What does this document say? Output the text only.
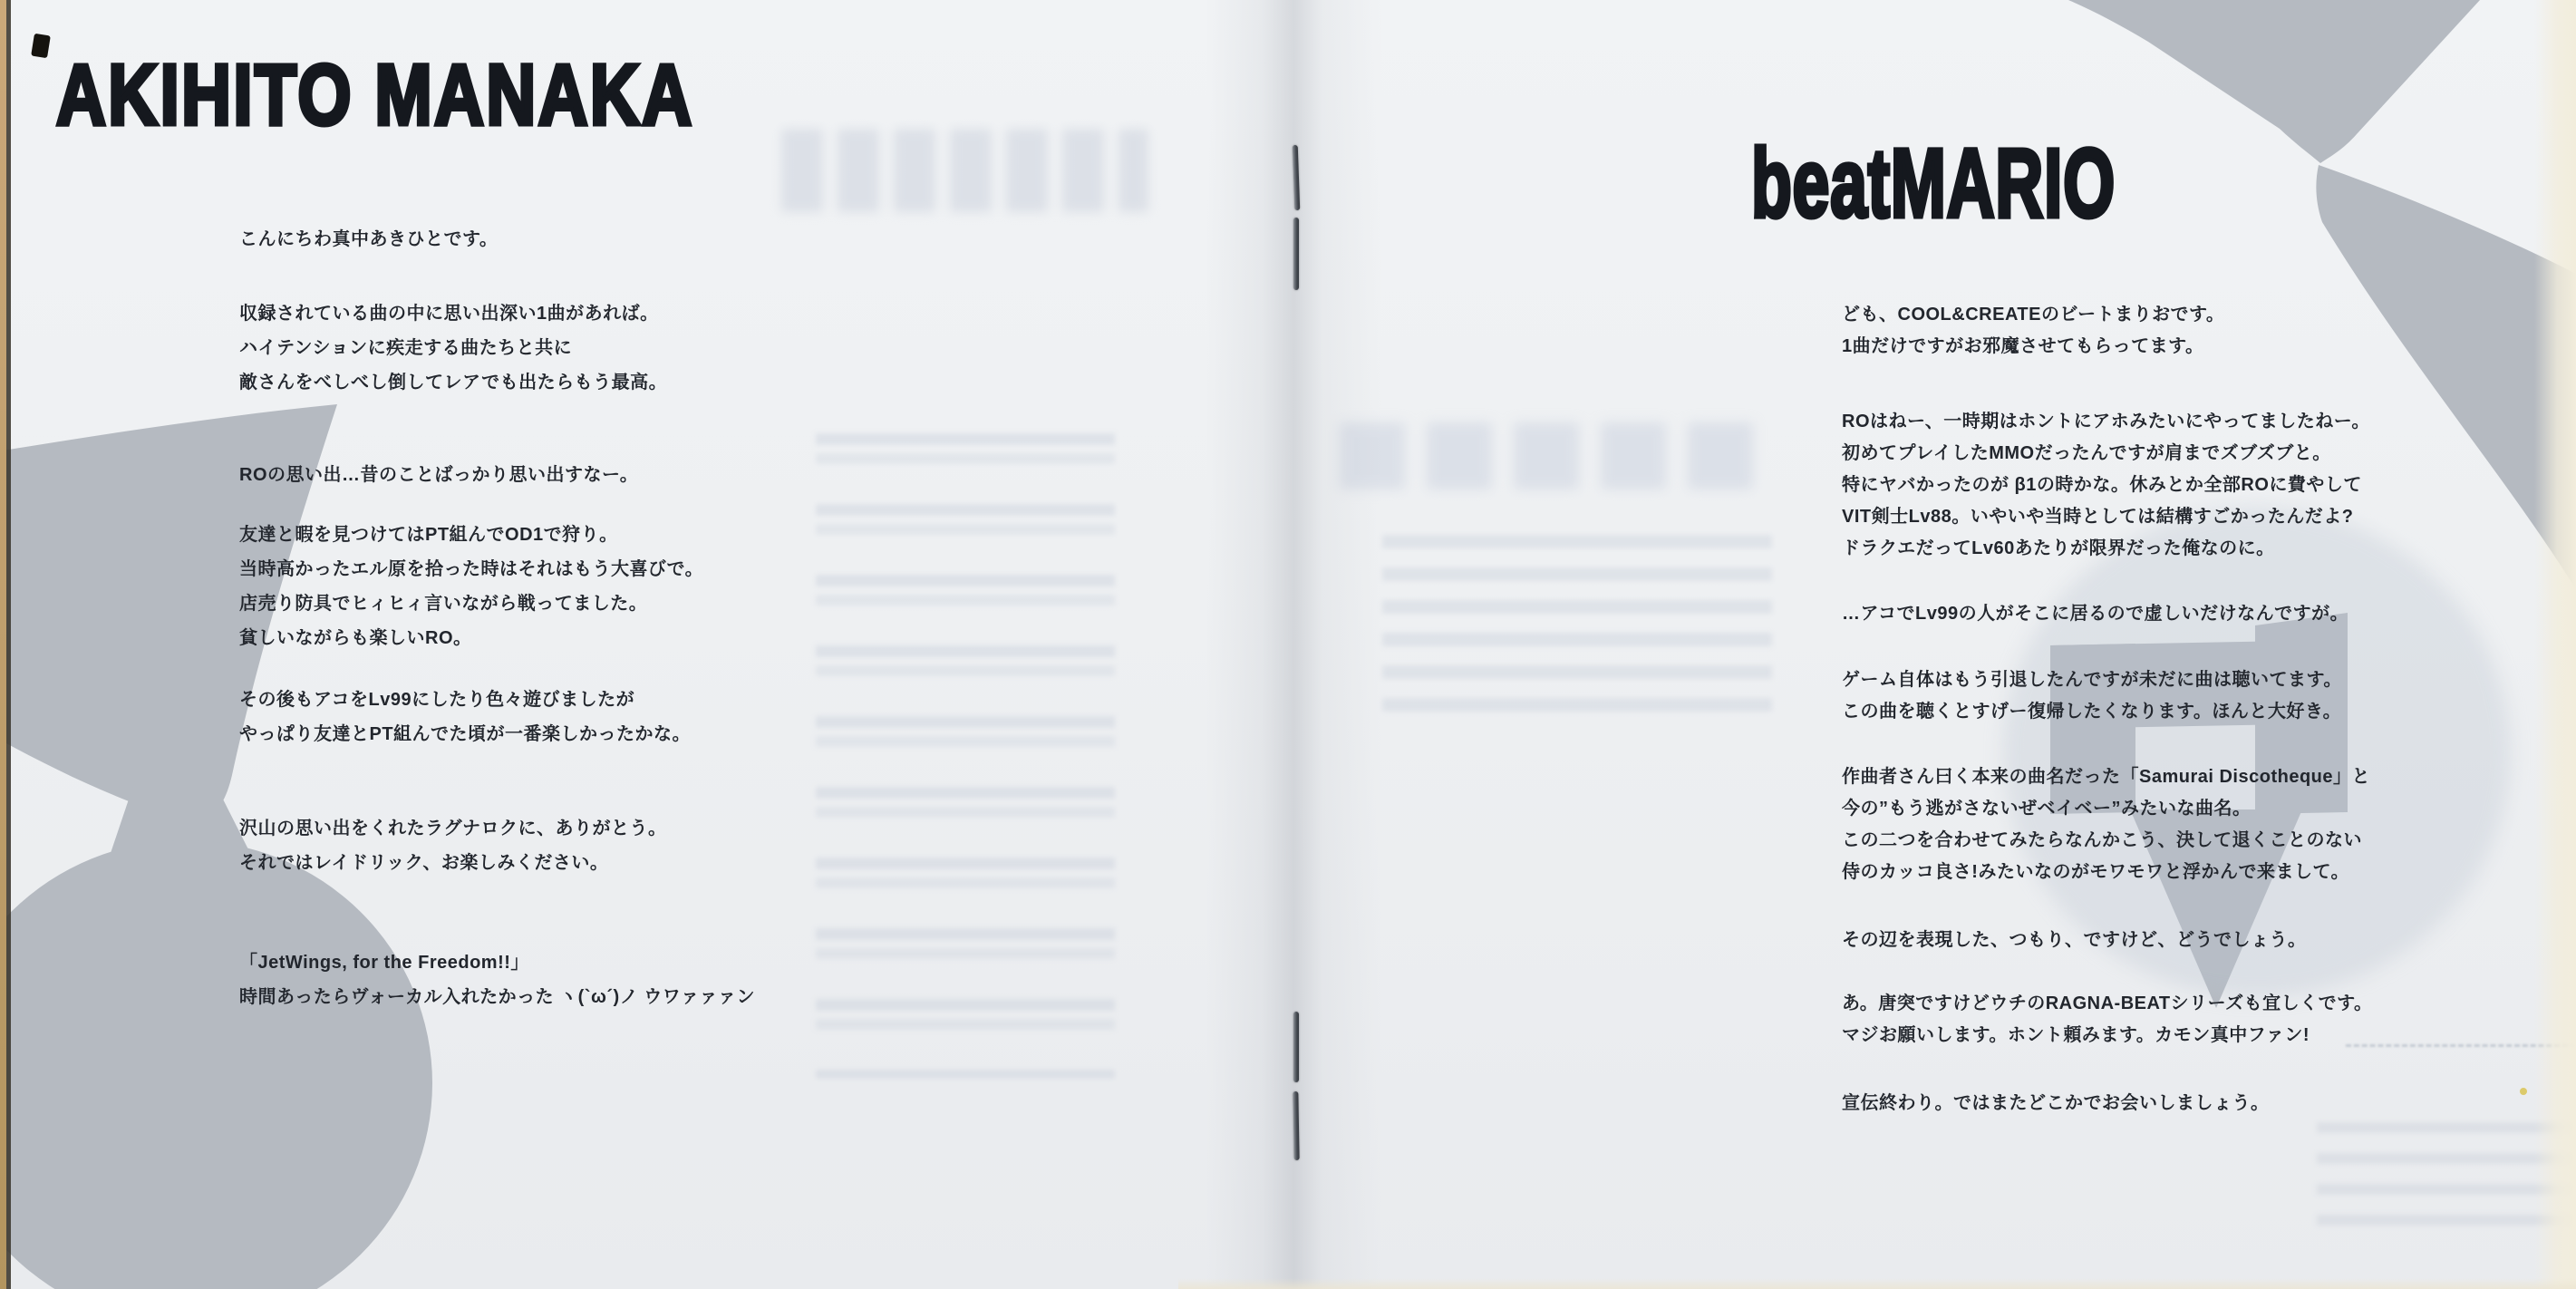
AKIHITO MANAKA
こんにちわ真中あきひとです。
収録されている曲の中に思い出深い1曲があれば。
ハイテンションに疾走する曲たちと共に
敵さんをべしべし倒してレアでも出たらもう最高。
ROの思い出…昔のことばっかり思い出すなー。
友達と暇を見つけてはPT組んでOD1で狩り。
当時高かったエル原を拾った時はそれはもう大喜びで。
店売り防具でヒィヒィ言いながら戦ってました。
貧しいながらも楽しいRO。
その後もアコをLv99にしたり色々遊びましたが
やっぱり友達とPT組んでた頃が一番楽しかったかな。
沢山の思い出をくれたラグナロクに、ありがとう。
それではレイドリック、お楽しみください。
「JetWings, for the Freedom!!」
時間あったらヴォーカル入れたかった ヽ(`ω´)ノ ウワァァァン
beatMARIO
ども、COOL&CREATEのビートまりおです。
1曲だけですがお邪魔させてもらってます。
ROはねー、一時期はホントにアホみたいにやってましたねー。
初めてプレイしたMMOだったんですが肩までズブズブと。
特にヤバかったのが β1の時かな。休みとか全部ROに費やして
VIT剣士Lv88。いやいや当時としては結構すごかったんだよ?
ドラクエだってLv60あたりが限界だった俺なのに。
…アコでLv99の人がそこに居るので虚しいだけなんですが。
ゲーム自体はもう引退したんですが未だに曲は聴いてます。
この曲を聴くとすげー復帰したくなります。ほんと大好き。
作曲者さん曰く本来の曲名だった「Samurai Discotheque」と
今の”もう逃がさないぜベイベー”みたいな曲名。
この二つを合わせてみたらなんかこう、決して退くことのない
侍のカッコ良さ!みたいなのがモワモワと浮かんで来まして。
その辺を表現した、つもり、ですけど、どうでしょう。
あ。唐突ですけどウチのRAGNA-BEATシリーズも宜しくです。
マジお願いします。ホント頼みます。カモン真中ファン!
宣伝終わり。ではまたどこかでお会いしましょう。
